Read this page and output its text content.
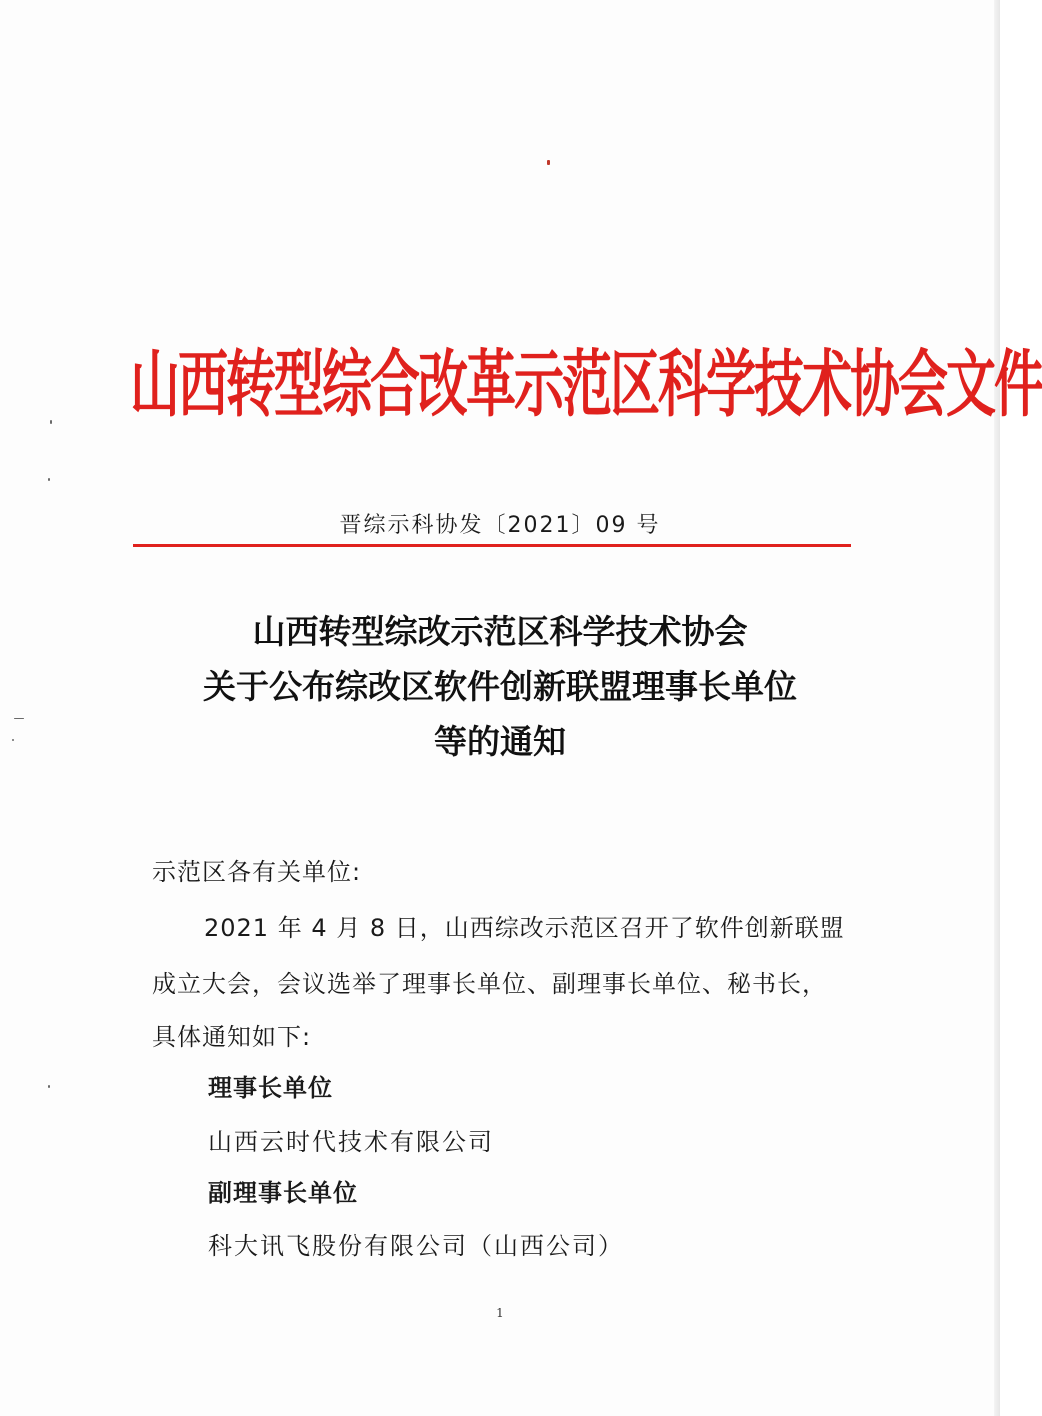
山西转型综合改革示范区科学技术协会文件
晋综示科协发〔2021〕09 号
山西转型综改示范区科学技术协会
关于公布综改区软件创新联盟理事长单位
等的通知
示范区各有关单位:
2021 年 4 月 8 日，山西综改示范区召开了软件创新联盟
成立大会，会议选举了理事长单位、副理事长单位、秘书长，
具体通知如下:
理事长单位
山西云时代技术有限公司
副理事长单位
科大讯飞股份有限公司（山西公司）
1
